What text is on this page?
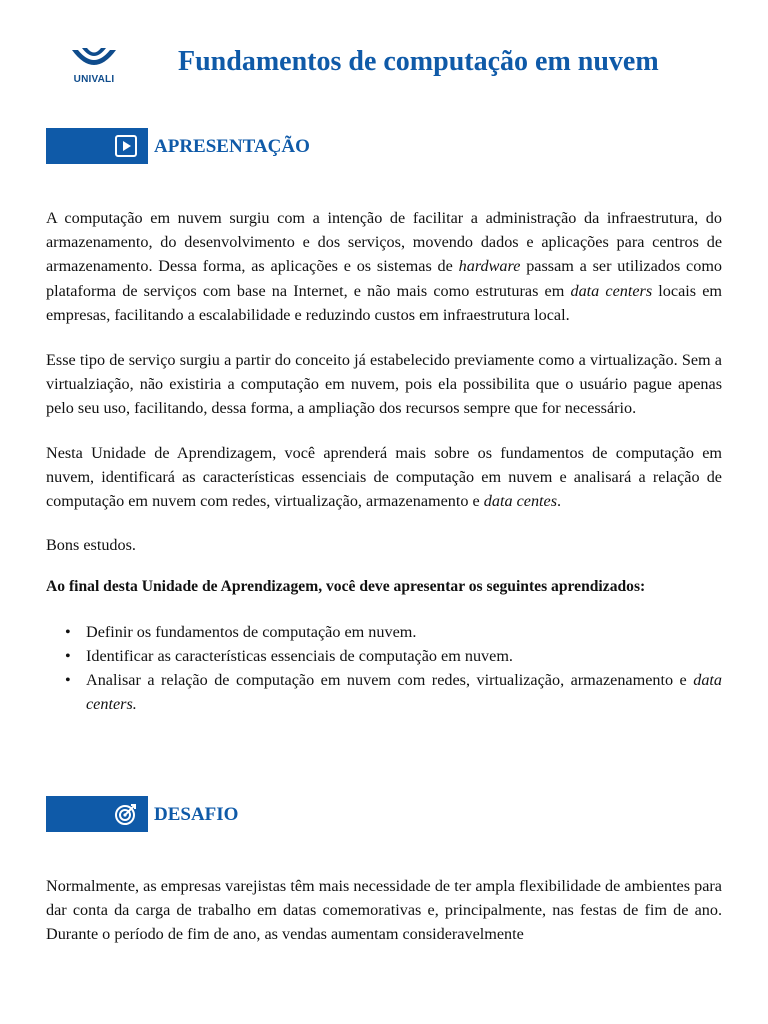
UNIVALI
Fundamentos de computação em nuvem
APRESENTAÇÃO

A computação em nuvem surgiu com a intenção de facilitar a administração da infraestrutura, do armazenamento, do desenvolvimento e dos serviços, movendo dados e aplicações para centros de armazenamento. Dessa forma, as aplicações e os sistemas de hardware passam a ser utilizados como plataforma de serviços com base na Internet, e não mais como estruturas em data centers locais em empresas, facilitando a escalabilidade e reduzindo custos em infraestrutura local.

Esse tipo de serviço surgiu a partir do conceito já estabelecido previamente como a virtualização. Sem a virtualziação, não existiria a computação em nuvem, pois ela possibilita que o usuário pague apenas pelo seu uso, facilitando, dessa forma, a ampliação dos recursos sempre que for necessário.

Nesta Unidade de Aprendizagem, você aprenderá mais sobre os fundamentos de computação em nuvem, identificará as características essenciais de computação em nuvem e analisará a relação de computação em nuvem com redes, virtualização, armazenamento e data centes.

Bons estudos.

Ao final desta Unidade de Aprendizagem, você deve apresentar os seguintes aprendizados:

• Definir os fundamentos de computação em nuvem.
• Identificar as características essenciais de computação em nuvem.
• Analisar a relação de computação em nuvem com redes, virtualização, armazenamento e data centers.
DESAFIO

Normalmente, as empresas varejistas têm mais necessidade de ter ampla flexibilidade de ambientes para dar conta da carga de trabalho em datas comemorativas e, principalmente, nas festas de fim de ano. Durante o período de fim de ano, as vendas aumentam consideravelmente
